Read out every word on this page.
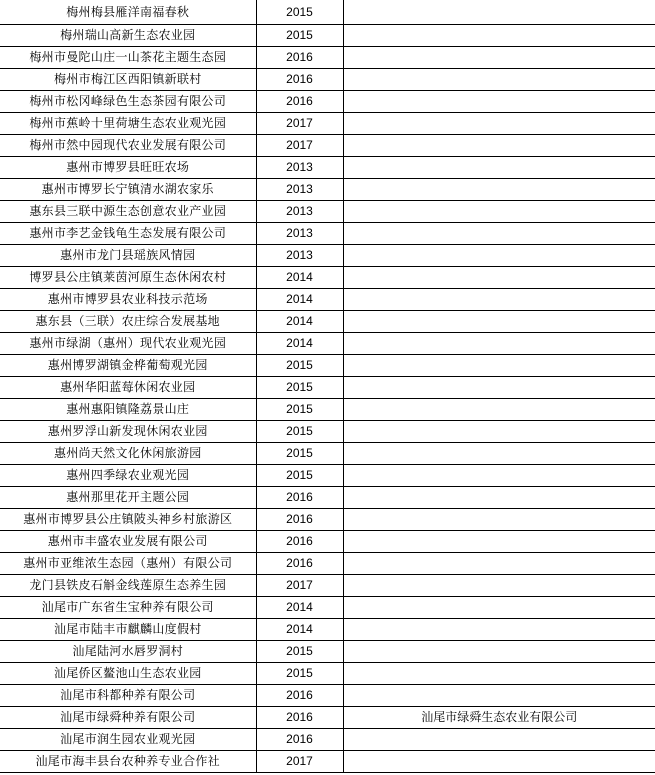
梅州梅县雁洋南福春秋	2015	
梅州瑞山高新生态农业园	2015	
梅州市曼陀山庄一山茶花主题生态园	2016	
梅州市梅江区西阳镇新联村	2016	
梅州市松冈峰绿色生态茶园有限公司	2016	
梅州市蕉岭十里荷塘生态农业观光园	2017	
梅州市然中园现代农业发展有限公司	2017	
惠州市博罗县旺旺农场	2013	
惠州市博罗长宁镇清水湖农家乐	2013	
惠东县三联中源生态创意农业产业园	2013	
惠州市李艺金钱龟生态发展有限公司	2013	
惠州市龙门县瑶族风情园	2013	
博罗县公庄镇莱茵河原生态休闲农村	2014	
惠州市博罗县农业科技示范场	2014	
惠东县（三联）农庄综合发展基地	2014	
惠州市绿湖（惠州）现代农业观光园	2014	
惠州博罗湖镇金桦葡萄观光园	2015	
惠州华阳蓝莓休闲农业园	2015	
惠州惠阳镇隆荔景山庄	2015	
惠州罗浮山新发现休闲农业园	2015	
惠州尚天然文化休闲旅游园	2015	
惠州四季绿农业观光园	2015	
惠州那里花开主题公园	2016	
惠州市博罗县公庄镇陂头神乡村旅游区	2016	
惠州市丰盛农业发展有限公司	2016	
惠州市亚维浓生态园（惠州）有限公司	2016	
龙门县铁皮石斛金线莲原生态养生园	2017	
汕尾市广东省生宝种养有限公司	2014	
汕尾市陆丰市麒麟山度假村	2014	
汕尾陆河水唇罗洞村	2015	
汕尾侨区鳌池山生态农业园	2015	
汕尾市科都种养有限公司	2016	
汕尾市绿舜种养有限公司	2016	汕尾市绿舜生态农业有限公司
汕尾市润生园农业观光园	2016	
汕尾市海丰县台农种养专业合作社	2017	
